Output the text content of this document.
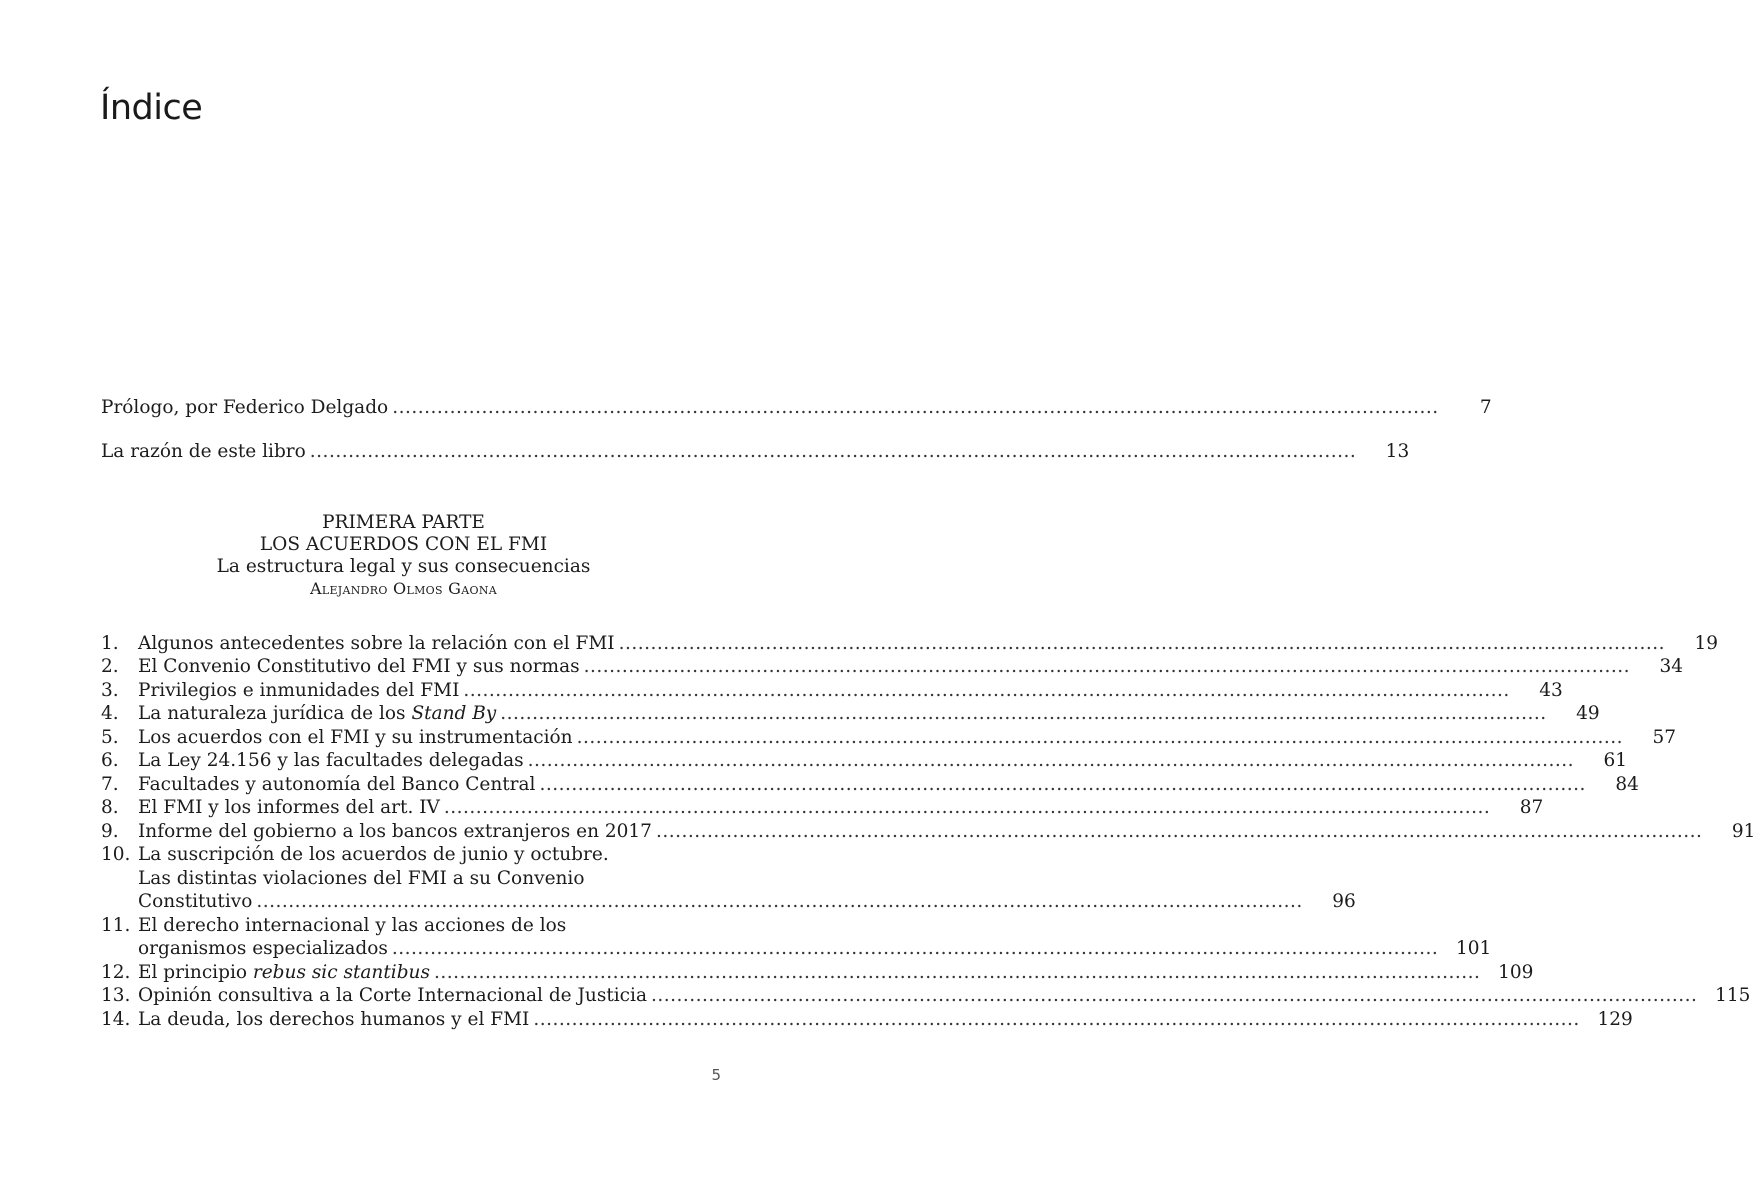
Índice
Prólogo, por Federico Delgado ....................................................................................................................................................................	7
La razón de este libro ....................................................................................................................................................................	13
PRIMERA PARTE
LOS ACUERDOS CON EL FMI
La estructura legal y sus consecuencias
Alejandro Olmos Gaona
1.	Algunos antecedentes sobre la relación con el FMI ....................................................................................................................................................................	19
2.	El Convenio Constitutivo del FMI y sus normas ....................................................................................................................................................................	34
3.	Privilegios e inmunidades del FMI ....................................................................................................................................................................	43
4.	La naturaleza jurídica de los Stand By ....................................................................................................................................................................	49
5.	Los acuerdos con el FMI y su instrumentación ....................................................................................................................................................................	57
6.	La Ley 24.156 y las facultades delegadas ....................................................................................................................................................................	61
7.	Facultades y autonomía del Banco Central ....................................................................................................................................................................	84
8.	El FMI y los informes del art. IV ....................................................................................................................................................................	87
9.	Informe del gobierno a los bancos extranjeros en 2017 ....................................................................................................................................................................	91
10. La suscripción de los acuerdos de junio y octubre.
Las distintas violaciones del FMI a su Convenio
Constitutivo ....................................................................................................................................................................	96
11. El derecho internacional y las acciones de los
organismos especializados .................................................................................................................................................................... 101
12. El principio rebus sic stantibus .................................................................................................................................................................... 109
13. Opinión consultiva a la Corte Internacional de Justicia .................................................................................................................................................................... 115
14. La deuda, los derechos humanos y el FMI .................................................................................................................................................................... 129
5
